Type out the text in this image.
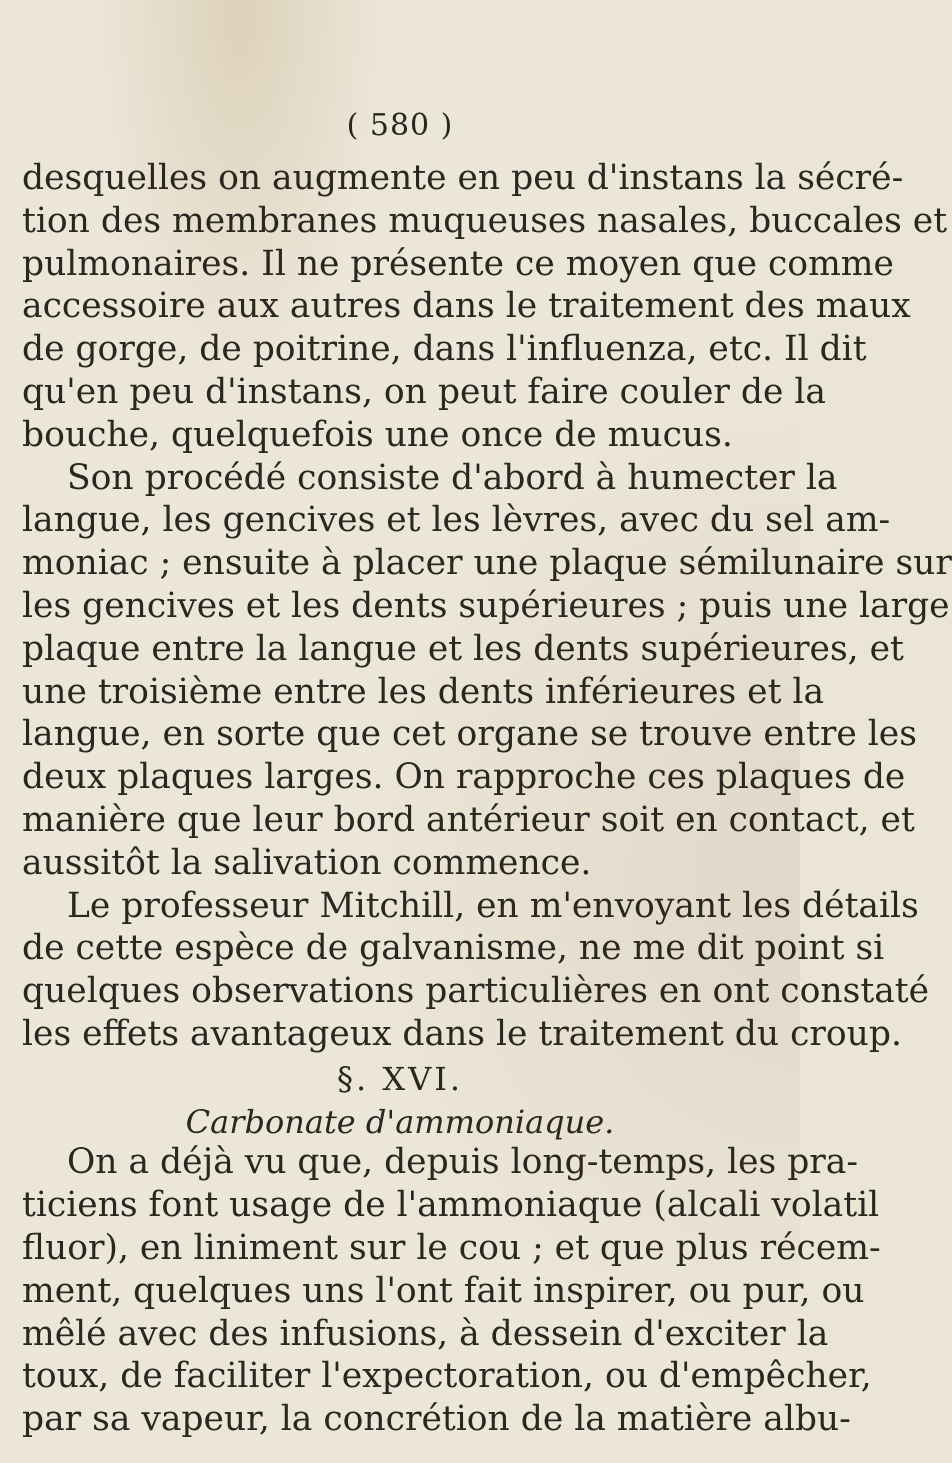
( 580 )
desquelles on augmente en peu d'instans la sécré-
tion des membranes muqueuses nasales, buccales et
pulmonaires. Il ne présente ce moyen que comme
accessoire aux autres dans le traitement des maux
de gorge, de poitrine, dans l'influenza, etc. Il dit
qu'en peu d'instans, on peut faire couler de la
bouche, quelquefois une once de mucus.
Son procédé consiste d'abord à humecter la
langue, les gencives et les lèvres, avec du sel am-
moniac ; ensuite à placer une plaque sémilunaire sur
les gencives et les dents supérieures ; puis une large
plaque entre la langue et les dents supérieures, et
une troisième entre les dents inférieures et la
langue, en sorte que cet organe se trouve entre les
deux plaques larges. On rapproche ces plaques de
manière que leur bord antérieur soit en contact, et
aussitôt la salivation commence.
Le professeur Mitchill, en m'envoyant les détails
de cette espèce de galvanisme, ne me dit point si
quelques observations particulières en ont constaté
les effets avantageux dans le traitement du croup.
§. XVI.
Carbonate d'ammoniaque.
On a déjà vu que, depuis long-temps, les pra-
ticiens font usage de l'ammoniaque (alcali volatil
fluor), en liniment sur le cou ; et que plus récem-
ment, quelques uns l'ont fait inspirer, ou pur, ou
mêlé avec des infusions, à dessein d'exciter la
toux, de faciliter l'expectoration, ou d'empêcher,
par sa vapeur, la concrétion de la matière albu-
